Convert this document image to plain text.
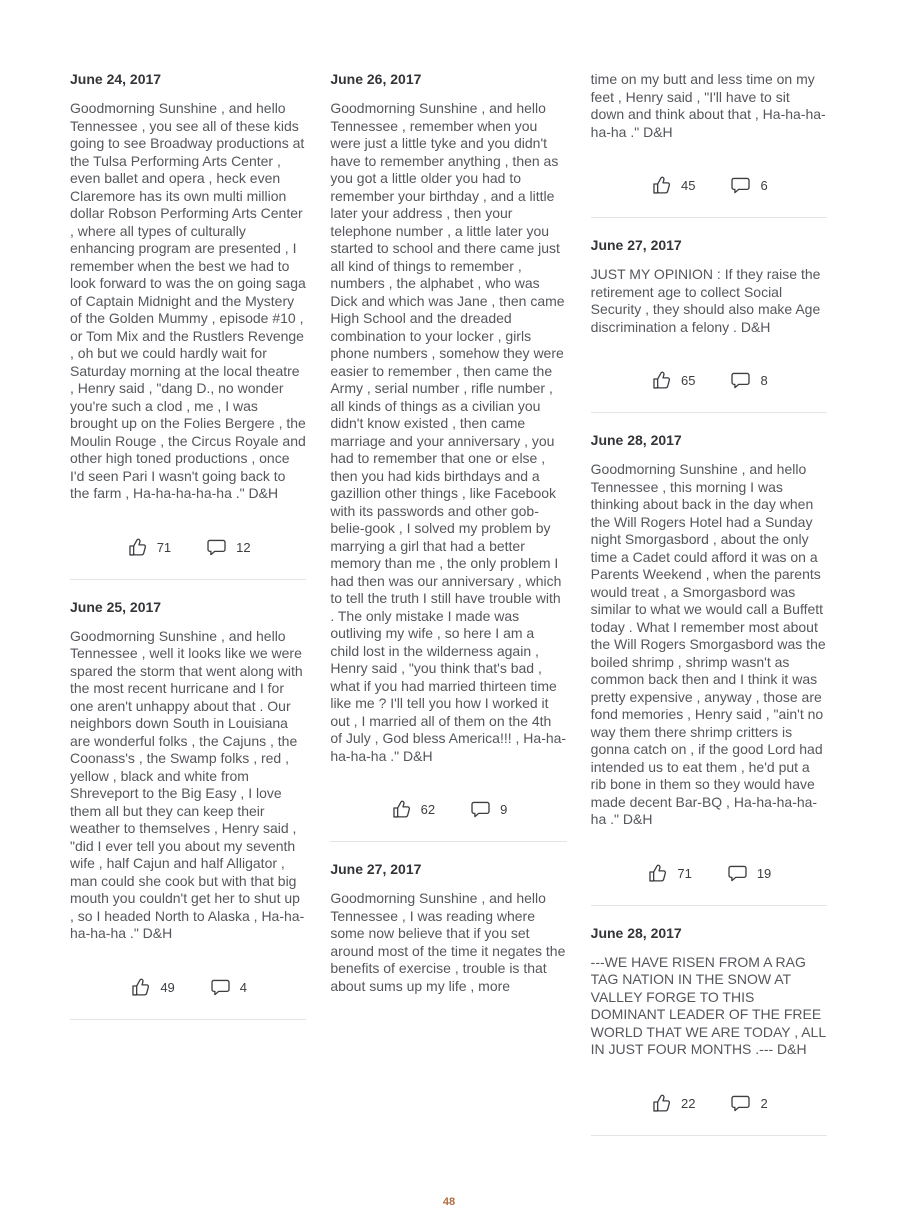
June 24, 2017

Goodmorning Sunshine , and hello Tennessee , you see all of these kids going to see Broadway productions at the Tulsa Performing Arts Center , even ballet and opera , heck even Claremore has its own multi million dollar Robson Performing Arts Center , where all types of culturally enhancing program are presented , I remember when the best we had to look forward to was the on going saga of Captain Midnight and the Mystery of the Golden Mummy , episode #10 , or Tom Mix and the Rustlers Revenge , oh but we could hardly wait for Saturday morning at the local theatre , Henry said , "dang D., no wonder you're such a clod , me , I was brought up on the Folies Bergere , the Moulin Rouge , the Circus Royale and other high toned productions , once I'd seen Pari I wasn't going back to the farm , Ha-ha-ha-ha-ha ." D&H

71	12
June 25, 2017

Goodmorning Sunshine , and hello Tennessee , well it looks like we were spared the storm that went along with the most recent hurricane and I for one aren't unhappy about that . Our neighbors down South in Louisiana are wonderful folks , the Cajuns , the Coonass's , the Swamp folks , red , yellow , black and white from Shreveport to the Big Easy , I love them all but they can keep their weather to themselves , Henry said , "did I ever tell you about my seventh wife , half Cajun and half Alligator , man could she cook but with that big mouth you couldn't get her to shut up , so I headed North to Alaska , Ha-ha-ha-ha-ha ." D&H

49	4
June 26, 2017

Goodmorning Sunshine , and hello Tennessee , remember when you were just a little tyke and you didn't have to remember anything , then as you got a little older you had to remember your birthday , and a little later your address , then your telephone number , a little later you started to school and there came just all kind of things to remember , numbers , the alphabet , who was Dick and which was Jane , then came High School and the dreaded combination to your locker , girls phone numbers , somehow they were easier to remember , then came the Army , serial number , rifle number , all kinds of things as a civilian you didn't know existed , then came marriage and your anniversary , you had to remember that one or else , then you had kids birthdays and a gazillion other things , like Facebook with its passwords and other gob-belie-gook , I solved my problem by marrying a girl that had a better memory than me , the only problem I had then was our anniversary , which to tell the truth I still have trouble with . The only mistake I made was outliving my wife , so here I am a child lost in the wilderness again , Henry said , "you think that's bad , what if you had married thirteen time like me ? I'll tell you how I worked it out , I married all of them on the 4th of July , God bless America!!! , Ha-ha-ha-ha-ha ." D&H

62	9
June 27, 2017

Goodmorning Sunshine , and hello Tennessee , I was reading where some now believe that if you set around most of the time it negates the benefits of exercise , trouble is that about sums up my life , more

time on my butt and less time on my feet , Henry said , "I'll have to sit down and think about that , Ha-ha-ha-ha-ha ." D&H

45	6
June 27, 2017

JUST MY OPINION : If they raise the retirement age to collect Social Security , they should also make Age discrimination a felony . D&H

65	8
June 28, 2017

Goodmorning Sunshine , and hello Tennessee , this morning I was thinking about back in the day when the Will Rogers Hotel had a Sunday night Smorgasbord , about the only time a Cadet could afford it was on a Parents Weekend , when the parents would treat , a Smorgasbord was similar to what we would call a Buffett today . What I remember most about the Will Rogers Smorgasbord was the boiled shrimp , shrimp wasn't as common back then and I think it was pretty expensive , anyway , those are fond memories , Henry said , "ain't no way them there shrimp critters is gonna catch on , if the good Lord had intended us to eat them , he'd put a rib bone in them so they would have made decent Bar-BQ , Ha-ha-ha-ha-ha ." D&H

71	19
June 28, 2017

---WE HAVE RISEN FROM A RAG TAG NATION IN THE SNOW AT VALLEY FORGE TO THIS DOMINANT LEADER OF THE FREE WORLD THAT WE ARE TODAY , ALL IN JUST FOUR MONTHS .--- D&H

22	2
48
